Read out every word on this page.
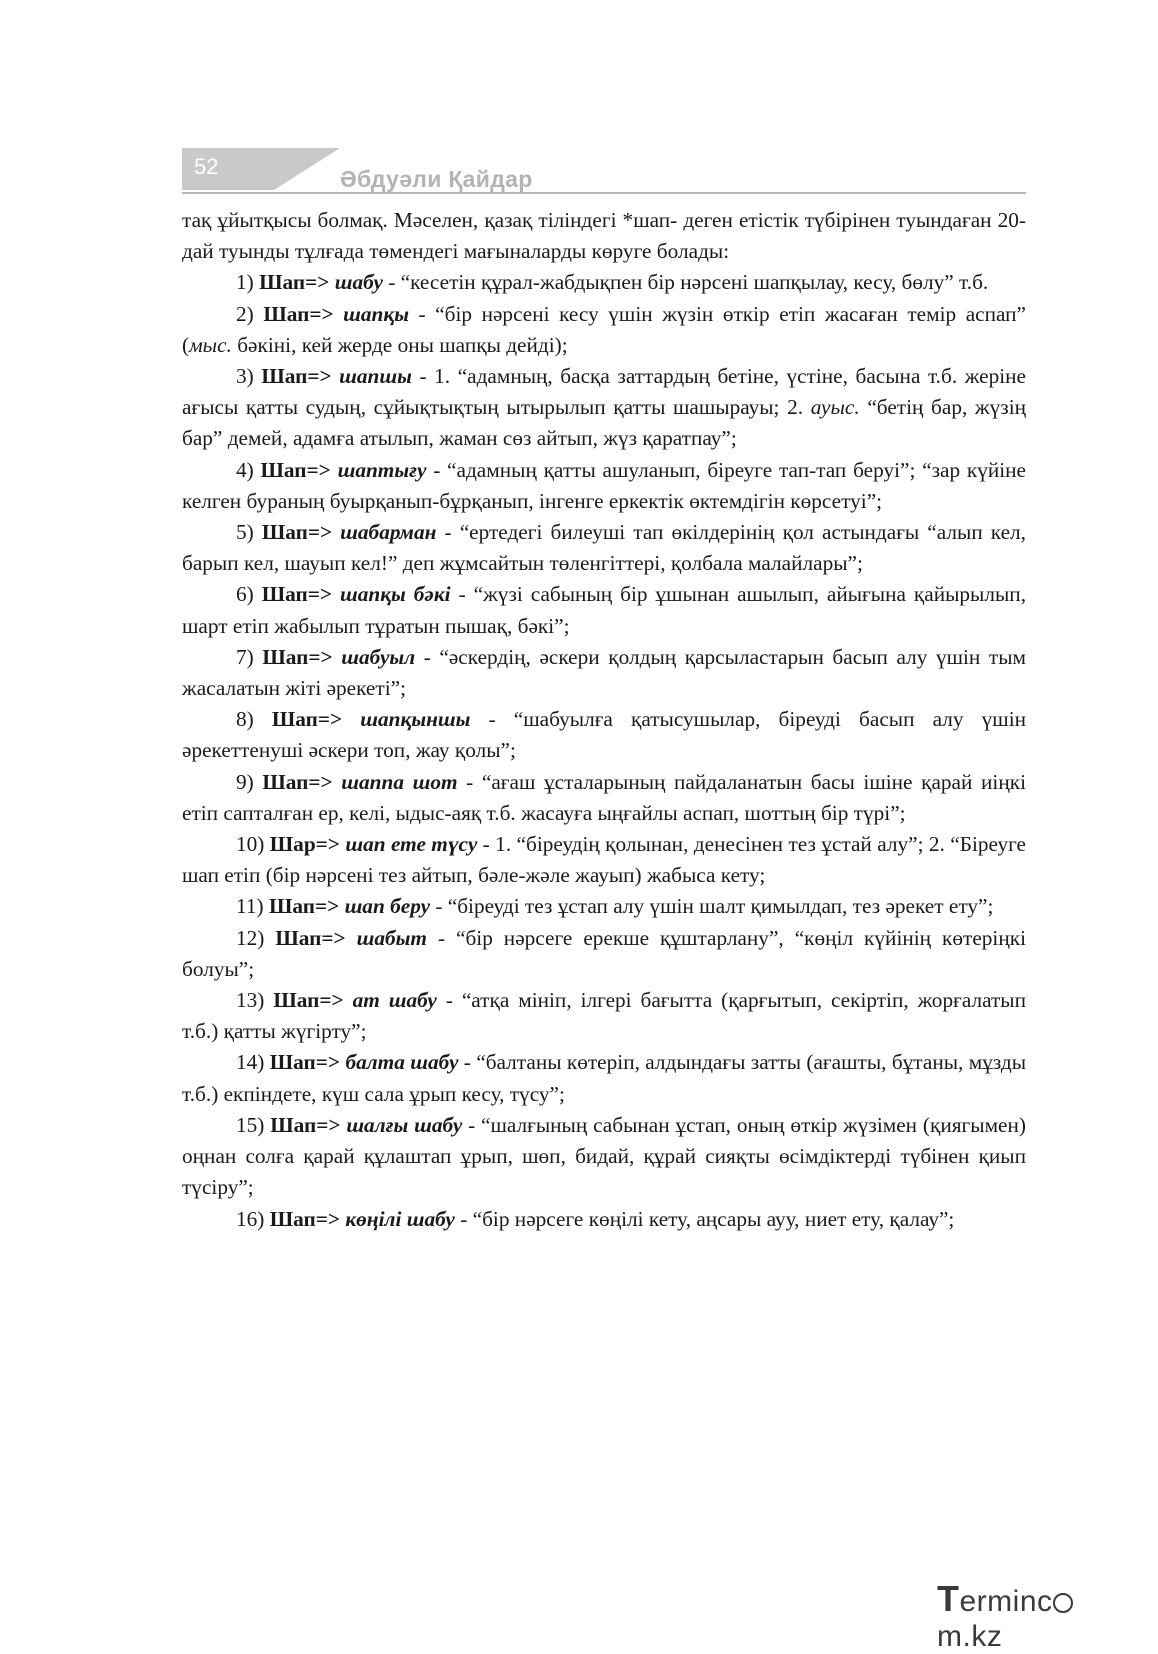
52	Әбдуәли Қайдар

тақ ұйытқысы болмақ. Мәселен, қазақ тіліндегі *шап- деген етістік түбірінен туындаған 20-дай туынды тұлғада төмендегі мағыналарды көруге болады:

1) Шап=> шабу - “кесетін құрал-жабдықпен бір нәрсені шапқылау, кесу, бөлу” т.б.

2) Шап=> шапқы - “бір нәрсені кесу үшін жүзін өткір етіп жасаған темір аспап” (мыс. бәкіні, кей жерде оны шапқы дейді);

3) Шап=> шапшы - 1. “адамның, басқа заттардың бетіне, үстіне, басына т.б. жеріне ағысы қатты судың, сұйықтықтың ытырылып қатты шашырауы; 2. ауыс. “бетің бар, жүзің бар” демей, адамға атылып, жаман сөз айтып, жүз қаратпау”;

4) Шап=> шаптығу - “адамның қатты ашуланып, біреуге тап-тап беруі”; “зар күйіне келген бураның буырқанып-бұрқанып, інгенге еркектік өктемдігін көрсетуі”;

5) Шап=> шабарман - “ертедегі билеуші тап өкілдерінің қол астындағы “алып кел, барып кел, шауып кел!” деп жұмсайтын төленгіттері, қолбала малайлары”;

6) Шап=> шапқы бәкі - “жүзі сабының бір ұшынан ашылып, айығына қайырылып, шарт етіп жабылып тұратын пышақ, бәкі”;

7) Шап=> шабуыл - “әскердің, әскери қолдың қарсыластарын басып алу үшін тым жасалатын жіті әрекеті”;

8) Шап=> шапқыншы - “шабуылға қатысушылар, біреуді басып алу үшін әрекеттенуші әскери топ, жау қолы”;

9) Шап=> шаппа шот - “ағаш ұсталарының пайдаланатын басы ішіне қарай иіңкі етіп сапталған ер, келі, ыдыс-аяқ т.б. жасауға ыңғайлы аспап, шоттың бір түрі”;

10) Шар=> шап ете түсу - 1. “біреудің қолынан, денесінен тез ұстай алу”; 2. “Біреуге шап етіп (бір нәрсені тез айтып, бәле-жәле жауып) жабыса кету;

11) Шап=> шап беру - “біреуді тез ұстап алу үшін шалт қимылдап, тез әрекет ету”;

12) Шап=> шабыт - “бір нәрсеге ерекше құштарлану”, “көңіл күйінің көтеріңкі болуы”;

13) Шап=> ат шабу - “атқа мініп, ілгері бағытта (қарғытып, секіртіп, жорғалатып т.б.) қатты жүгірту”;

14) Шап=> балта шабу - “балтаны көтеріп, алдындағы затты (ағашты, бұтаны, мұзды т.б.) екпіндете, күш сала ұрып кесу, түсу”;

15) Шап=> шалғы шабу - “шалғының сабынан ұстап, оның өткір жүзімен (қиягымен) оңнан солға қарай құлаштап ұрып, шөп, бидай, құрай сияқты өсімдіктерді түбінен қиып түсіру”;

16) Шап=> көңілі шабу - “бір нәрсеге көңілі кету, аңсары ауу, ниет ету, қалау”;

Termincm.kz
